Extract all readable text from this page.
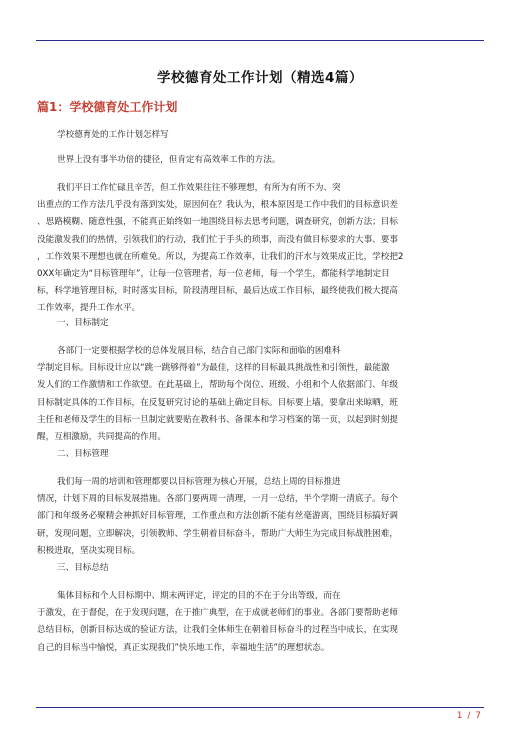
学校德育处工作计划（精选4篇）
篇1：学校德育处工作计划

学校德育处的工作计划怎样写

世界上没有事半功倍的捷径，但肯定有高效率工作的方法。

我们平日工作忙碌且辛苦，但工作效果往往不够理想，有所为有所不为、突
出重点的工作方法几乎没有落到实处，原因何在？我认为，根本原因是工作中我们的目标意识差
、思路模糊、随意性强，不能真正始终如一地围绕目标去思考问题，调查研究，创新方法；目标
没能激发我们的热情，引领我们的行动，我们忙于手头的琐事，而没有做目标要求的大事、要事
，工作效果不理想也就在所难免。所以，为提高工作效率，让我们的汗水与效果成正比，学校把2
0XX年确定为“目标管理年”，让每一位管理者，每一位老师，每一个学生，都能科学地制定目
标，科学地管理目标，时时落实目标，阶段清理目标，最后达成工作目标，最终使我们极大提高
工作效率，提升工作水平。

一、目标制定

各部门一定要根据学校的总体发展目标，结合自己部门实际和面临的困难科
学制定目标。目标设计应以“跳一跳够得着”为最佳，这样的目标最具挑战性和引领性，最能激
发人们的工作激情和工作欲望。在此基础上，帮助每个岗位、班级、小组和个人依据部门、年级
目标制定具体的工作目标，在反复研究讨论的基础上确定目标。目标要上墙，要拿出来晾晒，班
主任和老师及学生的目标一旦制定就要贴在教科书、备课本和学习档案的第一页，以起到时刻提
醒，互相激励，共同提高的作用。

二、目标管理

我们每一周的培训和管理都要以目标管理为核心开展，总结上周的目标推进
情况，计划下周的目标发展措施。各部门要两周一清理，一月一总结，半个学期一清底子。每个
部门和年级务必聚精会神抓好目标管理，工作重点和方法创新不能有丝毫游离，围绕目标搞好调
研，发现问题，立即解决，引领教师、学生朝着目标奋斗，帮助广大师生为完成目标战胜困难，
积极进取，坚决实现目标。

三、目标总结

集体目标和个人目标期中、期末两评定，评定的目的不在于分出等级，而在
于激发，在于督促，在于发现问题，在于推广典型，在于成就老师们的事业。各部门要帮助老师
总结目标，创新目标达成的验证方法，让我们全体师生在朝着目标奋斗的过程当中成长，在实现
自己的目标当中愉悦，真正实现我们”快乐地工作，幸福地生活”的理想状态。

1 / 7
